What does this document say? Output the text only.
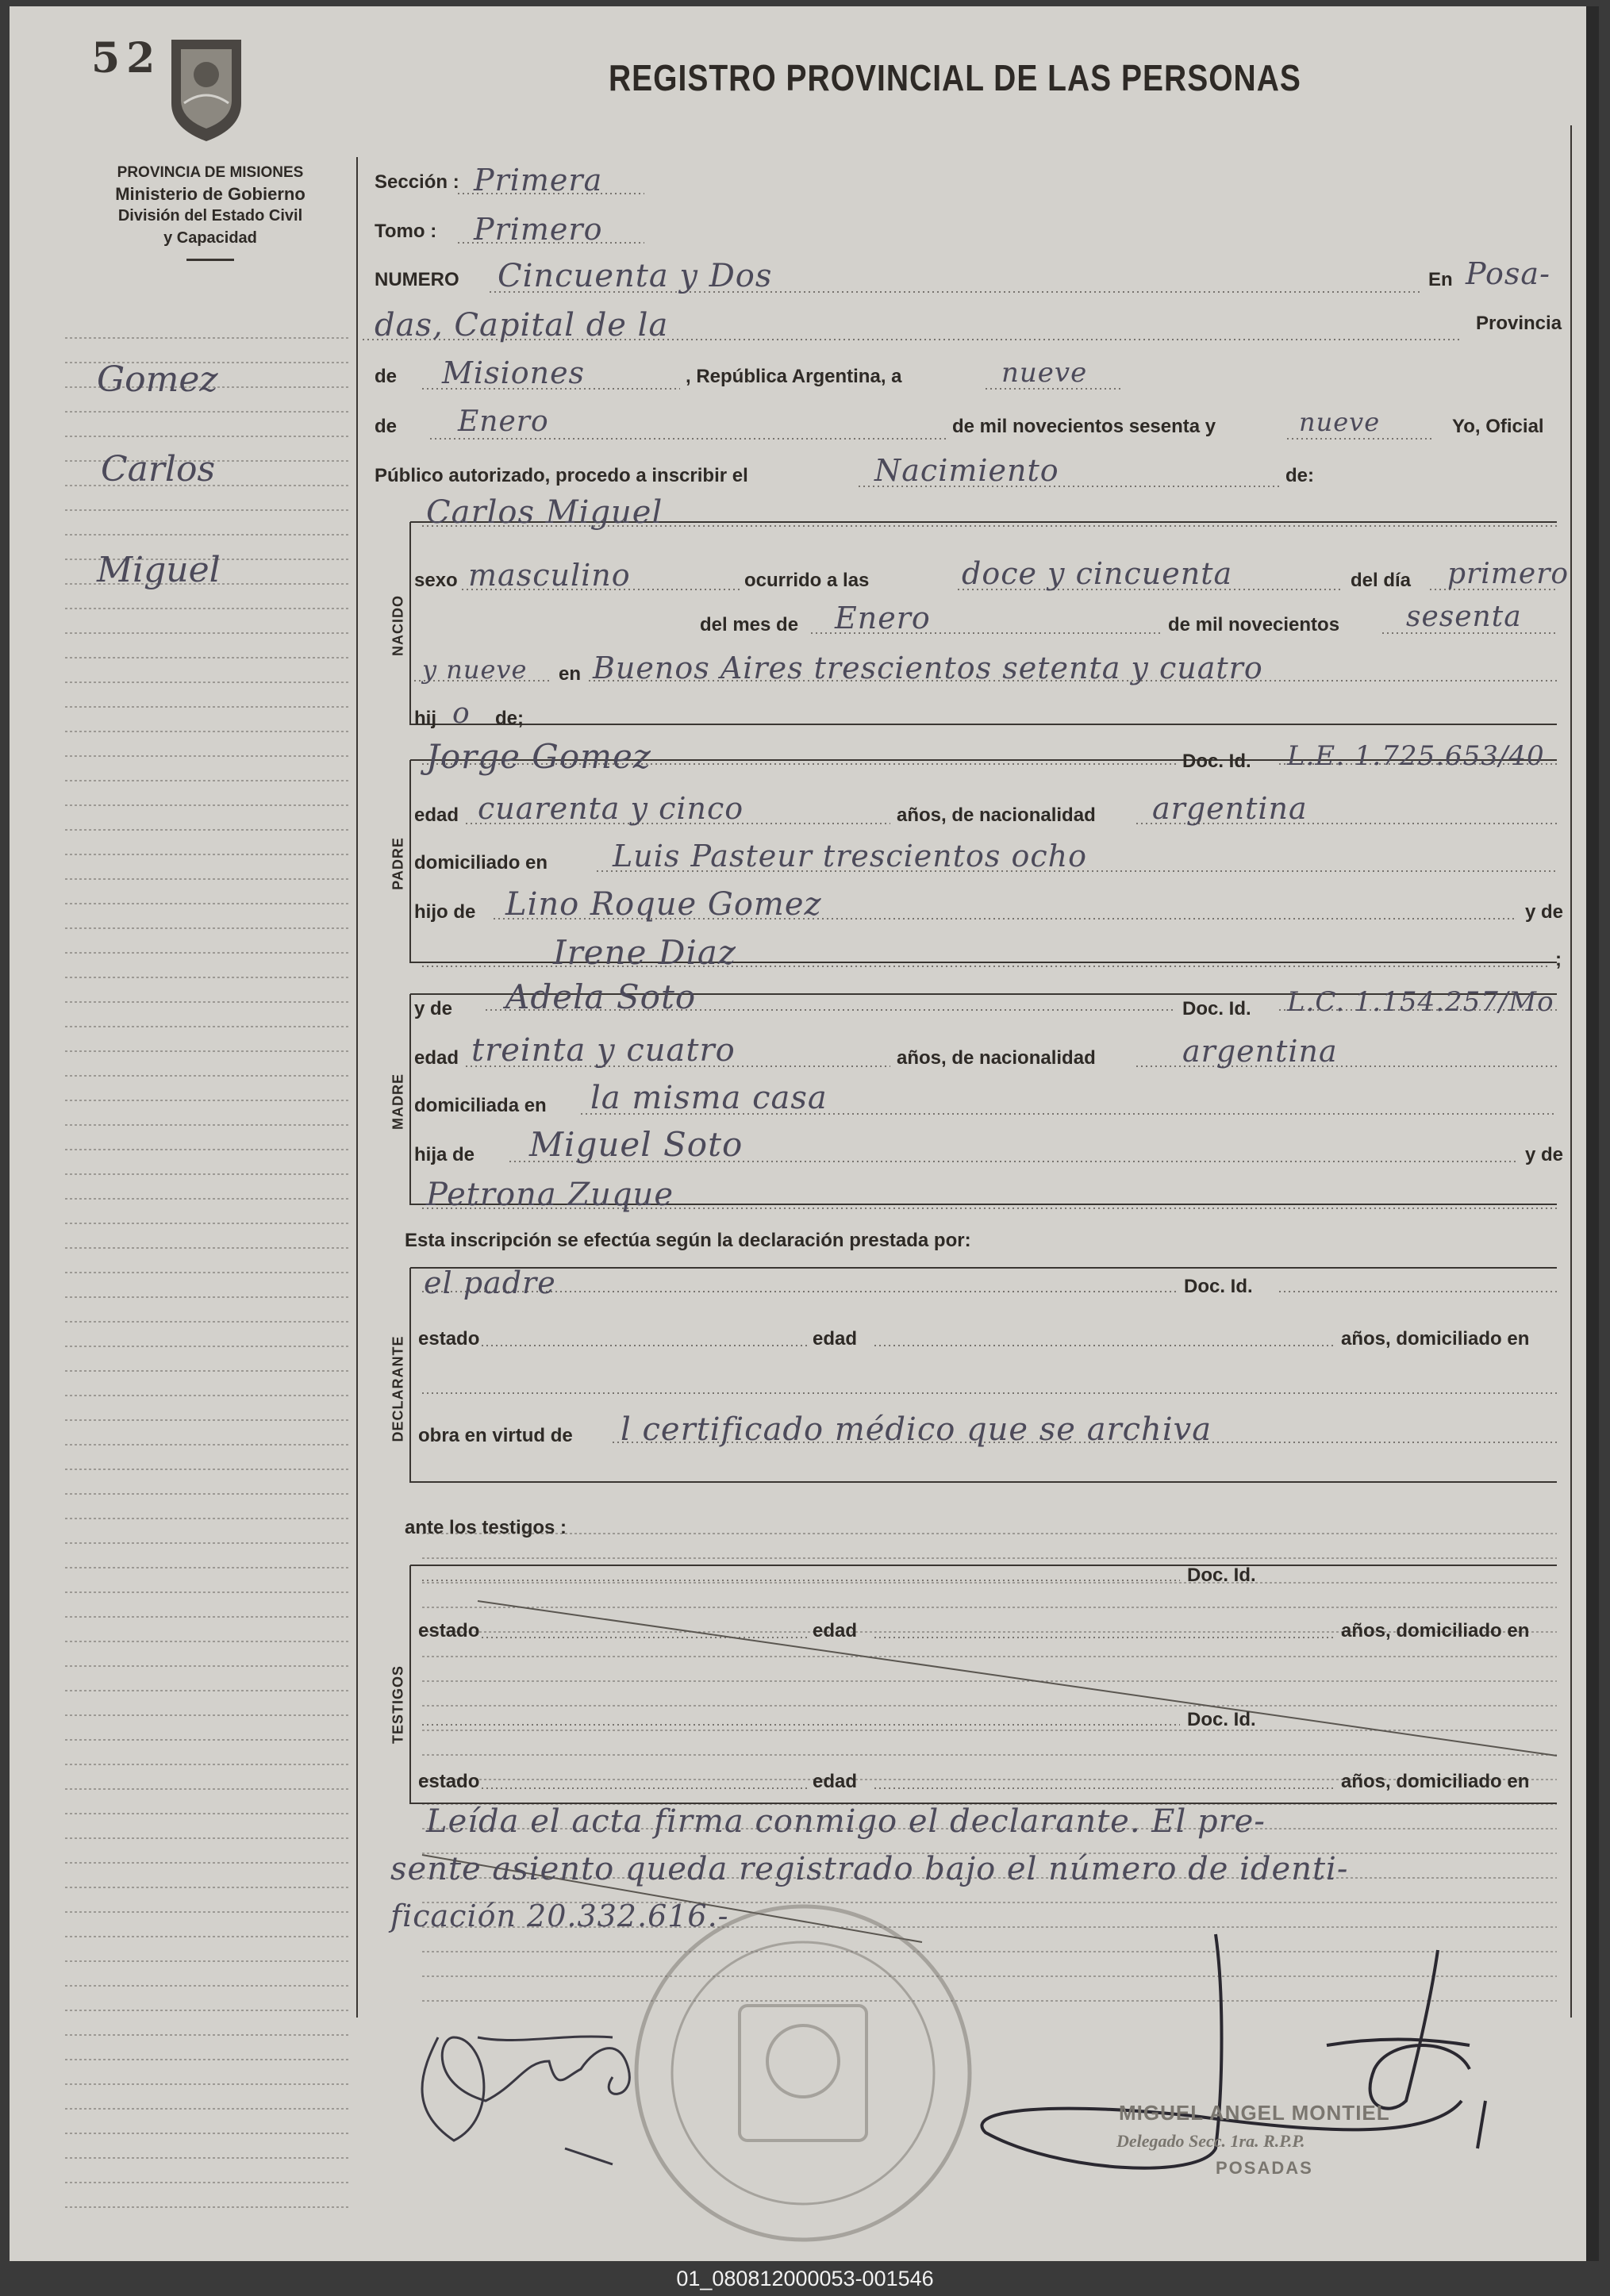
52	REGISTRO PROVINCIAL DE LAS PERSONAS
PROVINCIA DE MISIONES
Ministerio de Gobierno
División del Estado Civil
y Capacidad
Gomez
Carlos
Miguel
Sección : Primera
Tomo : Primero
NUMERO Cincuenta y Dos	En Posa-
das, Capital de la	Provincia
de Misiones	, República Argentina, a	nueve
de Enero	de mil novecientos sesenta y	nueve	Yo, Oficial
Público autorizado, procedo a inscribir el	Nacimiento	de:
NACIDO
Carlos Miguel
sexo masculino	ocurrido a las	doce y cincuenta	del día primero
del mes de Enero	de mil novecientos sesenta
y nueve en Buenos Aires trescientos setenta y cuatro
hij o de;
PADRE
Jorge Gomez	Doc. Id. L.E. 1.725.653/40
edad cuarenta y cinco	años, de nacionalidad argentina
domiciliado en Luis Pasteur trescientos ocho
hijo de Lino Roque Gomez	y de
Irene Diaz	;
MADRE
y de Adela Soto	Doc. Id. L.C. 1.154.257/Mo
edad treinta y cuatro	años, de nacionalidad	argentina
domiciliada en la misma casa
hija de Miguel Soto	y de
Petrona Zuque
Esta inscripción se efectúa según la declaración prestada por:
DECLARANTE
el padre	Doc. Id.
estado	edad	años, domiciliado en
obra en virtud de l certificado médico que se archiva
ante los testigos :
TESTIGOS
Doc. Id.
estado	edad	años, domiciliado en
Doc. Id.
estado	edad	años, domiciliado en
Leída el acta firma conmigo el declarante. El pre-
sente asiento queda registrado bajo el número de identi-
ficación 20.332.616.-
MIGUEL ANGEL MONTIEL
Delegado Secc. 1ra. R.P.P.
POSADAS
01_080812000053-001546
